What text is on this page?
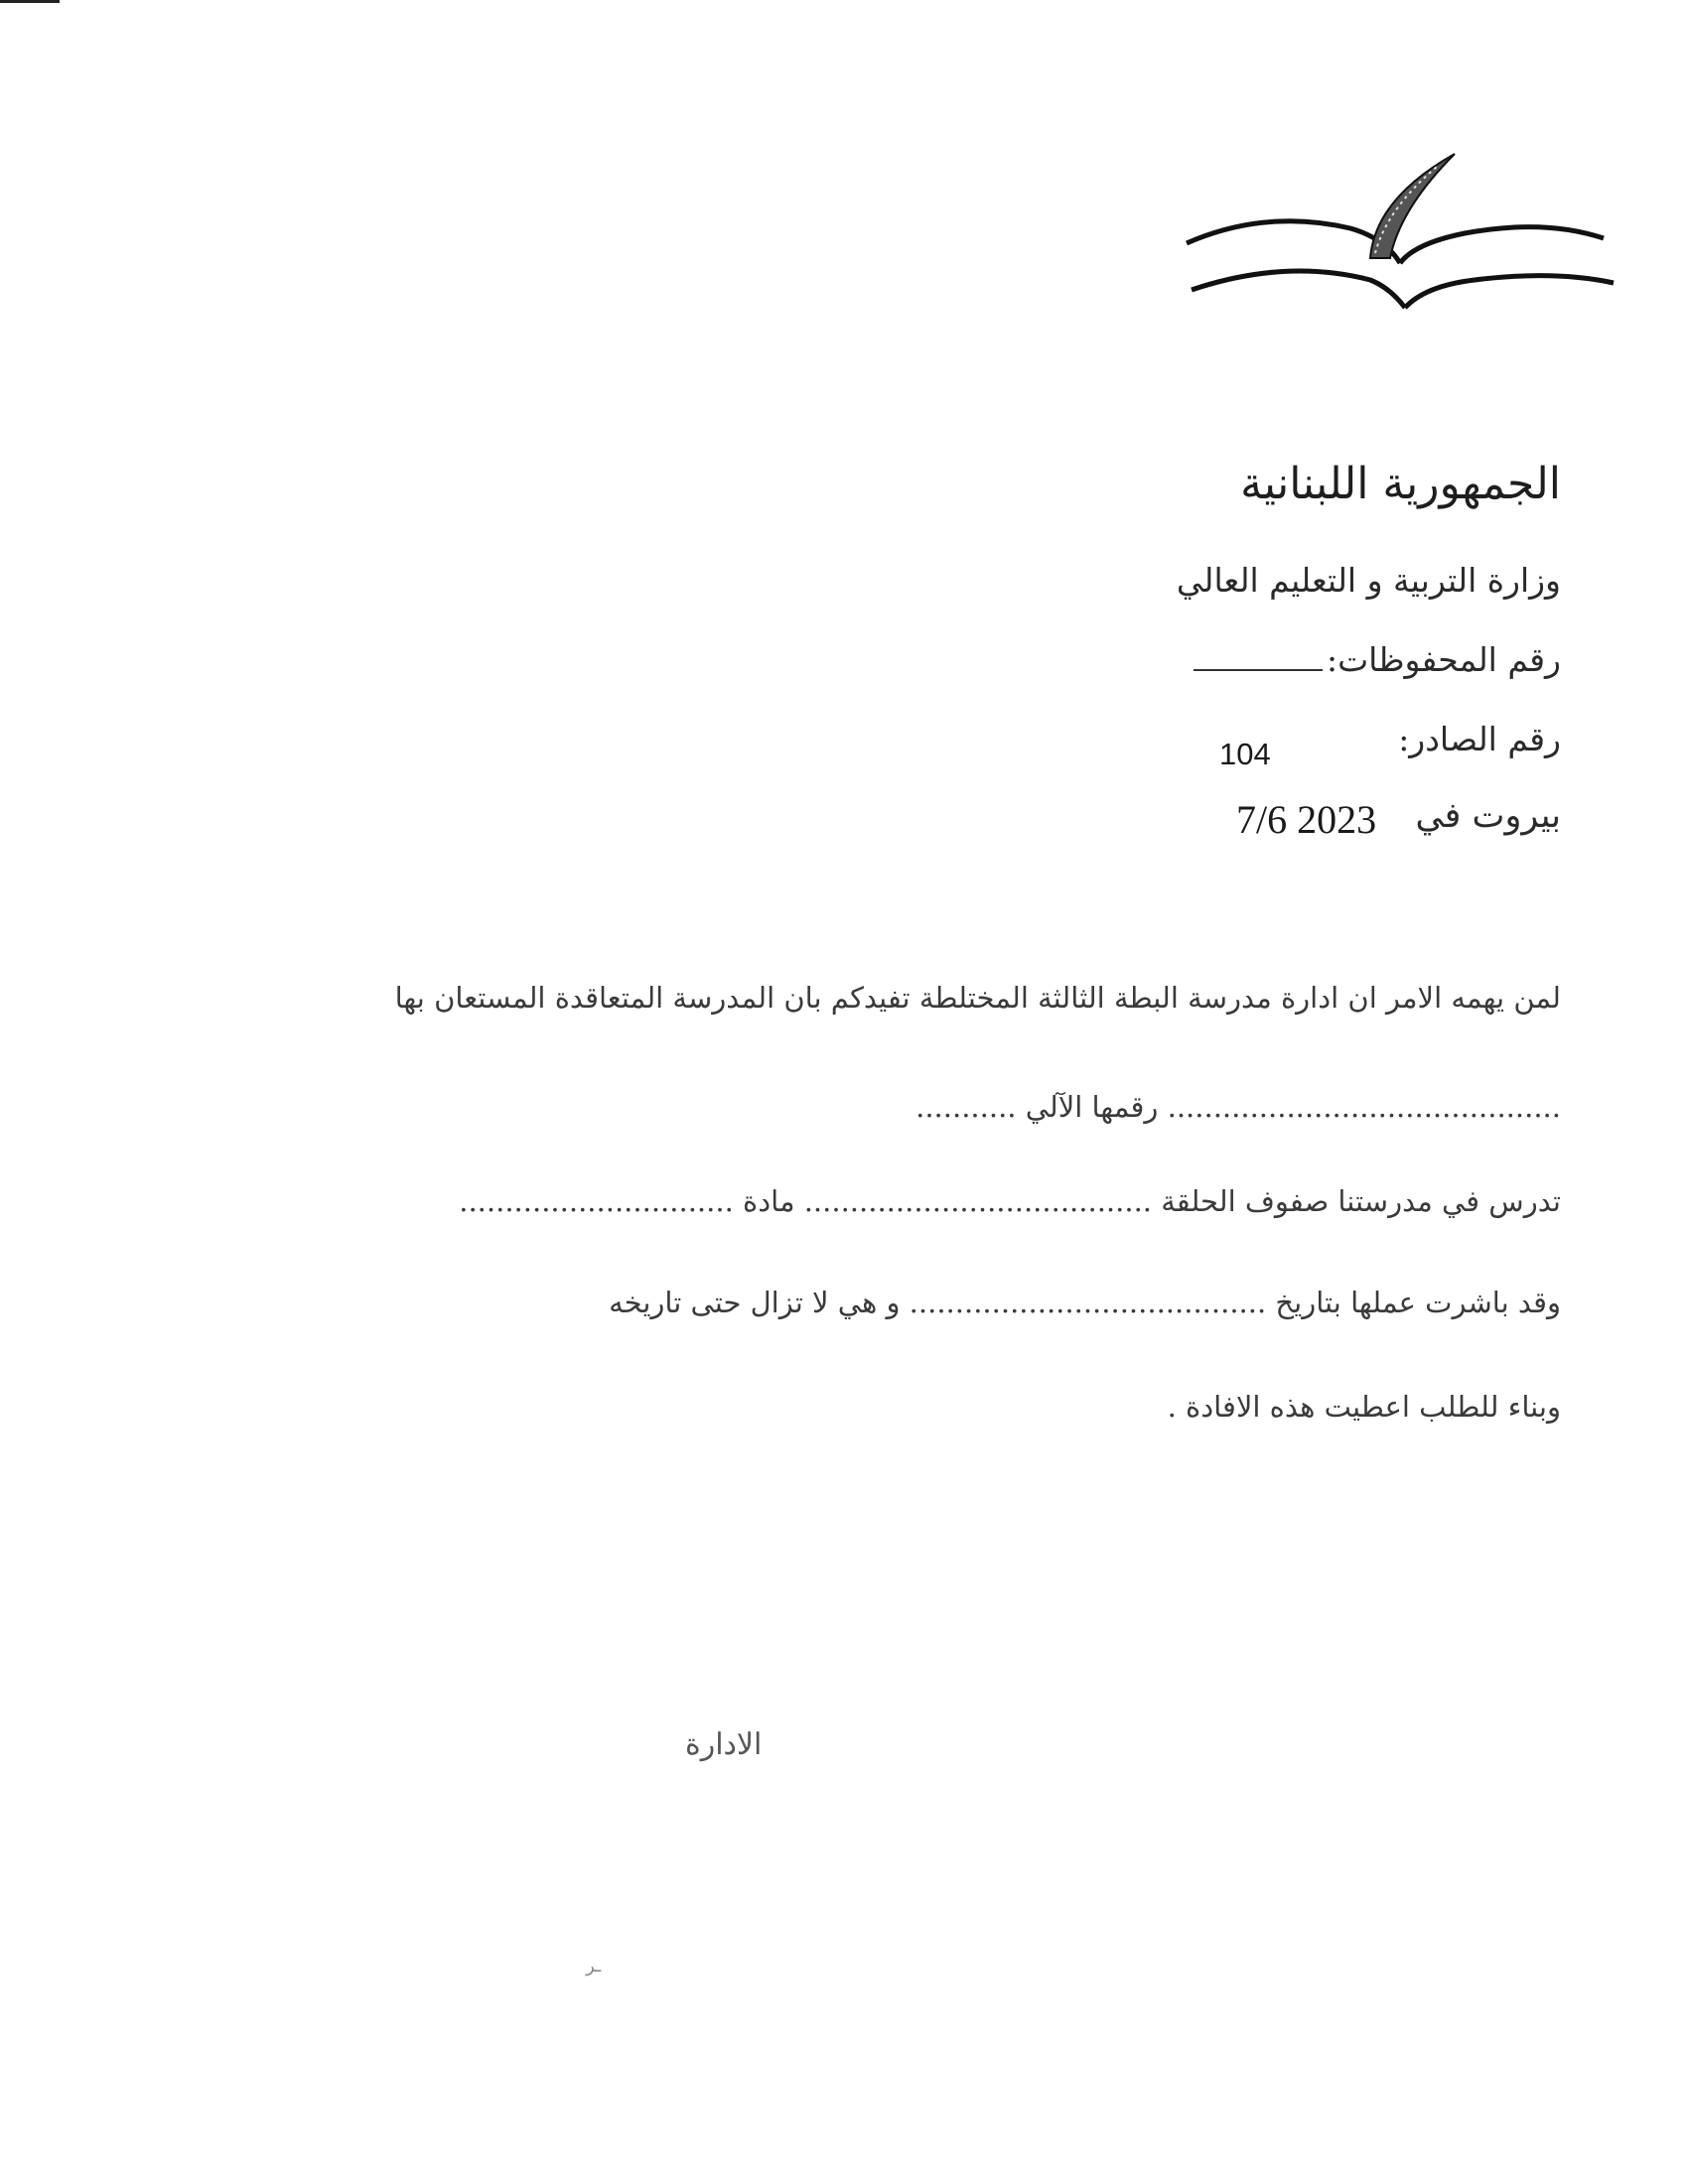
الجمهورية اللبنانية
وزارة التربية و التعليم العالي
رقم المحفوظات:
رقم الصادر:
104
بيروت في
7/6 2023
لمن يهمه الامر ان ادارة مدرسة البطة الثالثة المختلطة تفيدكم بان المدرسة المتعاقدة المستعان بها
........................................... رقمها الآلي ...........
تدرس في مدرستنا صفوف الحلقة ...................................... مادة ..............................
وقد باشرت عملها بتاريخ ....................................... و هي لا تزال حتى تاريخه
وبناء للطلب اعطيت هذه الافادة .
الادارة
ـر
